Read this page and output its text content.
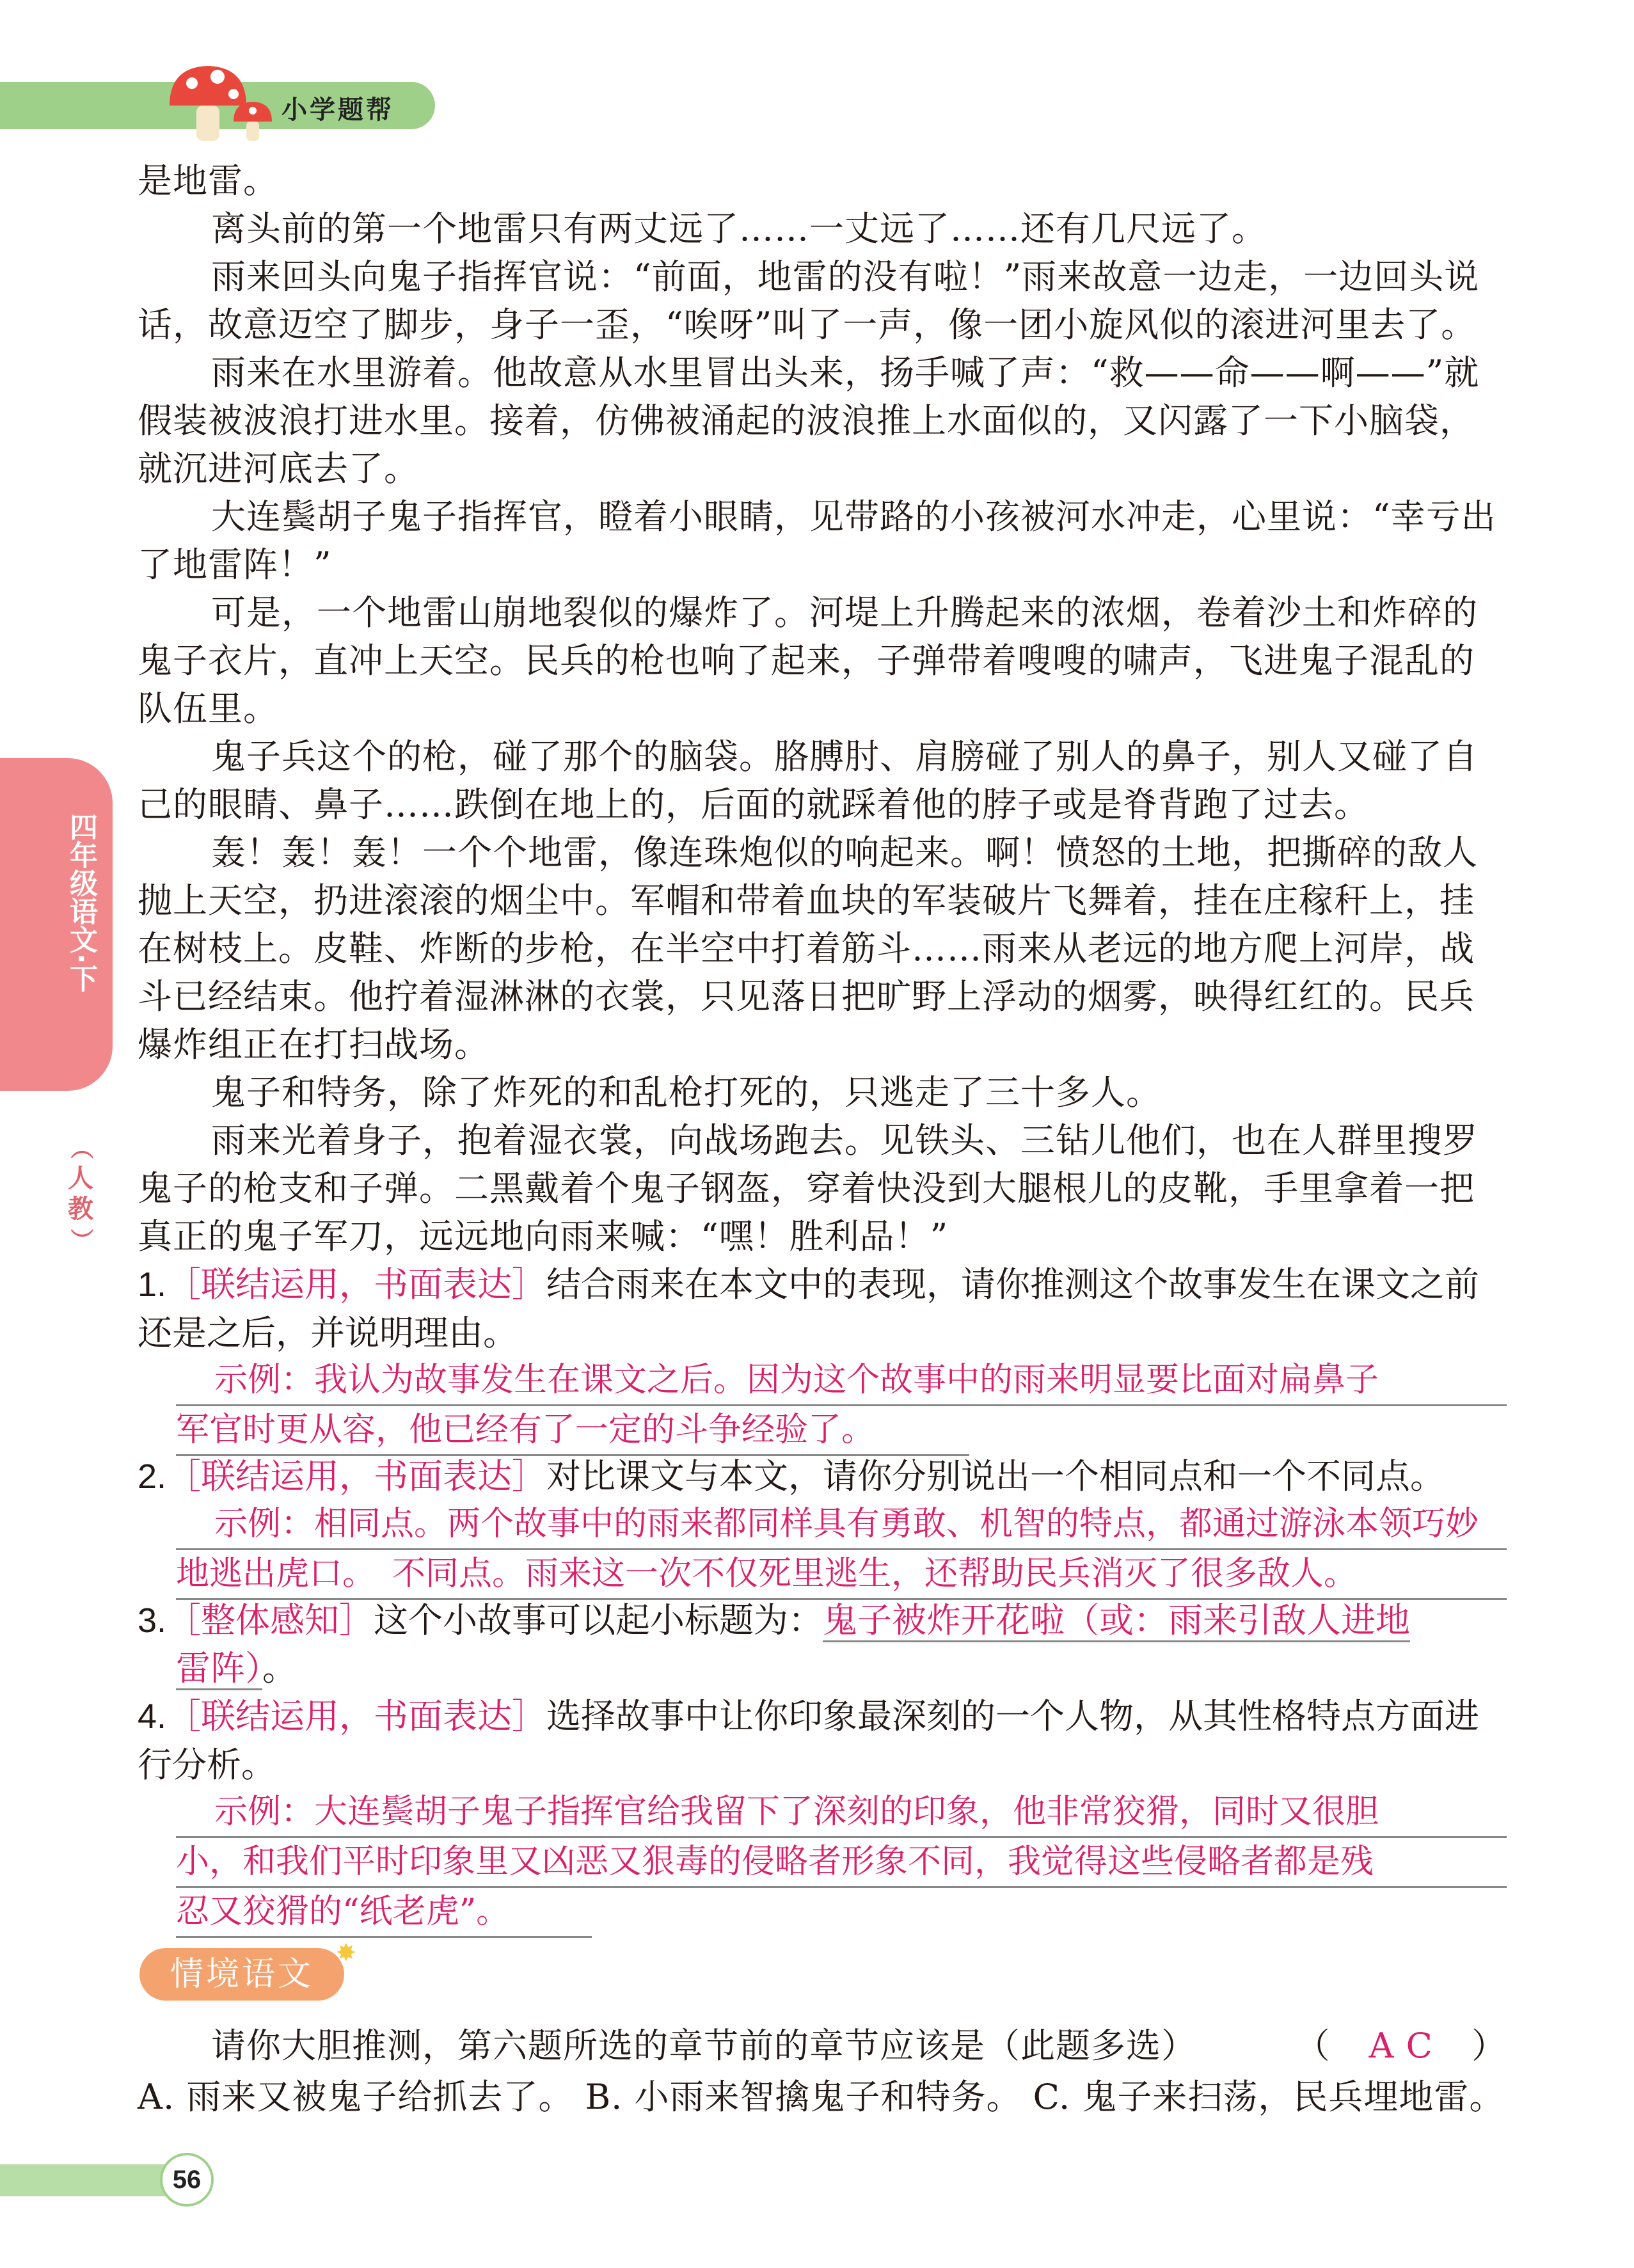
小学题帮
四年级语文·下
（
人
教
）

是地雷。

离头前的第一个地雷只有两丈远了……一丈远了……还有几尺远了。

雨来回头向鬼子指挥官说：“前面，地雷的没有啦！”雨来故意一边走，一边回头说话，故意迈空了脚步，身子一歪，“唉呀”叫了一声，像一团小旋风似的滚进河里去了。

雨来在水里游着。他故意从水里冒出头来，扬手喊了声：“救——命——啊——”就假装被波浪打进水里。接着，仿佛被涌起的波浪推上水面似的，又闪露了一下小脑袋，就沉进河底去了。

大连鬓胡子鬼子指挥官，瞪着小眼睛，见带路的小孩被河水冲走，心里说：“幸亏出了地雷阵！”

可是，一个地雷山崩地裂似的爆炸了。河堤上升腾起来的浓烟，卷着沙土和炸碎的鬼子衣片，直冲上天空。民兵的枪也响了起来，子弹带着嗖嗖的啸声，飞进鬼子混乱的队伍里。

鬼子兵这个的枪，碰了那个的脑袋。胳膊肘、肩膀碰了别人的鼻子，别人又碰了自己的眼睛、鼻子……跌倒在地上的，后面的就踩着他的脖子或是脊背跑了过去。

轰！轰！轰！一个个地雷，像连珠炮似的响起来。啊！愤怒的土地，把撕碎的敌人抛上天空，扔进滚滚的烟尘中。军帽和带着血块的军装破片飞舞着，挂在庄稼秆上，挂在树枝上。皮鞋、炸断的步枪，在半空中打着筋斗……雨来从老远的地方爬上河岸，战斗已经结束。他拧着湿淋淋的衣裳，只见落日把旷野上浮动的烟雾，映得红红的。民兵爆炸组正在打扫战场。

鬼子和特务，除了炸死的和乱枪打死的，只逃走了三十多人。

雨来光着身子，抱着湿衣裳，向战场跑去。见铁头、三钻儿他们，也在人群里搜罗鬼子的枪支和子弹。二黑戴着个鬼子钢盔，穿着快没到大腿根儿的皮靴，手里拿着一把真正的鬼子军刀，远远地向雨来喊：“嘿！胜利品！”

1.［联结运用，书面表达］结合雨来在本文中的表现，请你推测这个故事发生在课文之前还是之后，并说明理由。
示例：我认为故事发生在课文之后。因为这个故事中的雨来明显要比面对扁鼻子
军官时更从容，他已经有了一定的斗争经验了。
2.［联结运用，书面表达］对比课文与本文，请你分别说出一个相同点和一个不同点。
示例：相同点。两个故事中的雨来都同样具有勇敢、机智的特点，都通过游泳本领巧妙
地逃出虎口。　不同点。雨来这一次不仅死里逃生，还帮助民兵消灭了很多敌人。
3.［整体感知］这个小故事可以起小标题为：鬼子被炸开花啦（或：雨来引敌人进地
雷阵）。
4.［联结运用，书面表达］选择故事中让你印象最深刻的一个人物，从其性格特点方面进行分析。
示例：大连鬓胡子鬼子指挥官给我留下了深刻的印象，他非常狡猾，同时又很胆
小，和我们平时印象里又凶恶又狠毒的侵略者形象不同，我觉得这些侵略者都是残
忍又狡猾的“纸老虎”。
情境语文
✸
请你大胆推测，第六题所选的章节前的章节应该是（此题多选）	（ A C ）

A. 雨来又被鬼子给抓去了。 B. 小雨来智擒鬼子和特务。 C. 鬼子来扫荡，民兵埋地雷。

56
